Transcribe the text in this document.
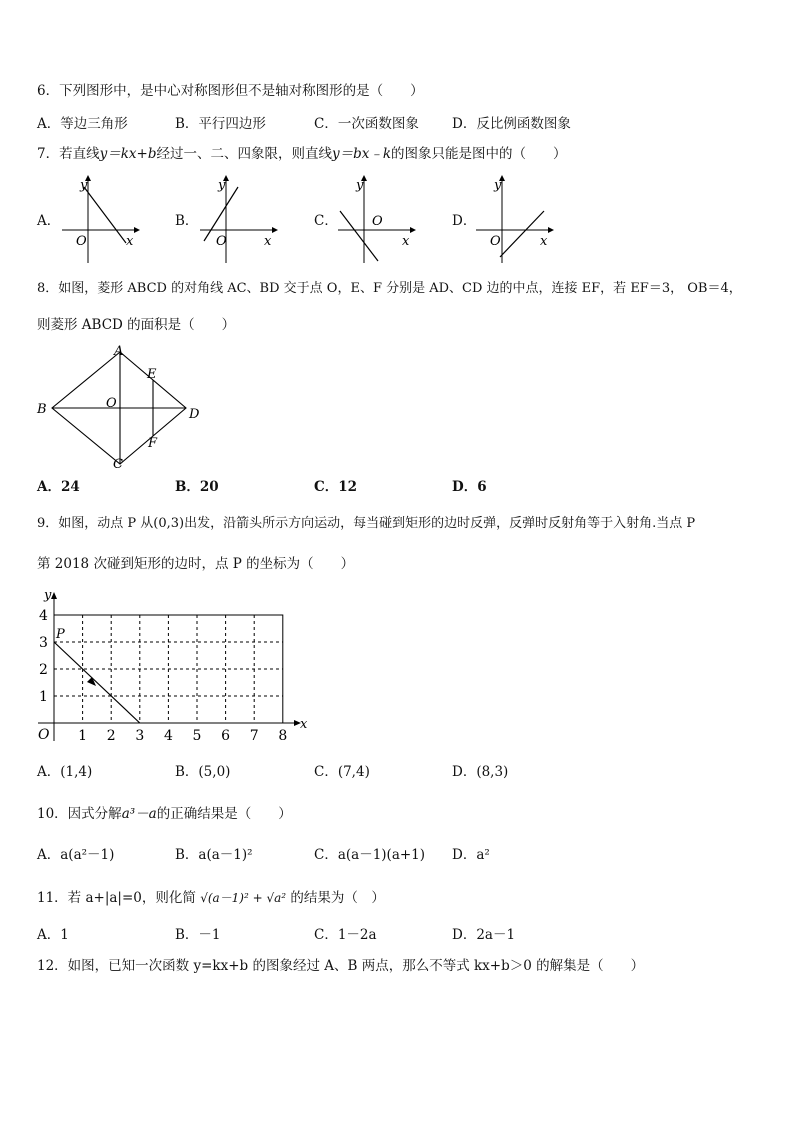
6．下列图形中，是中心对称图形但不是轴对称图形的是（　　）
A．等边三角形	B．平行四边形	C．一次函数图象 D．反比例函数图象
7．若直线y＝kx+b经过一、二、四象限，则直线y＝bx﹣k的图象只能是图中的（　　）
A．	B．	C．	D．
y
x
O
y
x
O
y
x
O
y
x
O
8．如图，菱形 ABCD 的对角线 AC、BD 交于点 O，E、F 分别是 AD、CD 边的中点，连接 EF，若 EF＝3， OB＝4，
则菱形 ABCD 的面积是（　　）
A
B
C
D
O
E
F
A．24	B．20	C．12	D．6
9．如图，动点 P 从(0,3)出发，沿箭头所示方向运动，每当碰到矩形的边时反弹，反弹时反射角等于入射角.当点 P
第 2018 次碰到矩形的边时，点 P 的坐标为（　　）
P
y
x
O 1 2 3 4 5 6 7 8
1
2
3
4
A．(1,4)	B．(5,0)	C．(7,4)	D．(8,3)
10．因式分解a³－a的正确结果是（　　）
A．a(a²－1)	B．a(a－1)²	C．a(a－1)(a+1) D．a²
11．若 a+|a|=0，则化简 √(a－1)² + √a² 的结果为（　）
A．1	B．－1	C．1－2a	D．2a－1
12．如图，已知一次函数 y=kx+b 的图象经过 A、B 两点，那么不等式 kx+b＞0 的解集是（　　）
